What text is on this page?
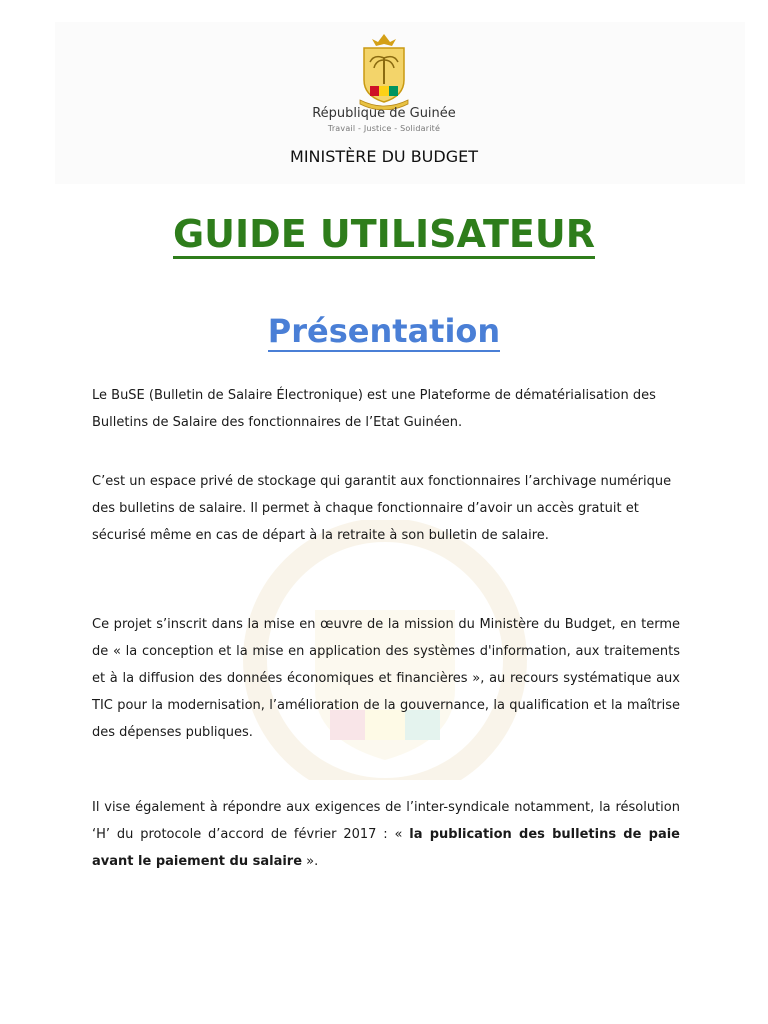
République de Guinée
Travail - Justice - Solidarité
MINISTÈRE DU BUDGET
GUIDE UTILISATEUR
Présentation
Le BuSE (Bulletin de Salaire Électronique) est une Plateforme de dématérialisation des Bulletins de Salaire des fonctionnaires de l’Etat Guinéen.
C’est un espace privé de stockage qui garantit aux fonctionnaires l’archivage numérique des bulletins de salaire. Il permet à chaque fonctionnaire d’avoir un accès gratuit et sécurisé même en cas de départ à la retraite à son bulletin de salaire.
Ce projet s’inscrit dans la mise en œuvre de la mission du Ministère du Budget, en terme de « la conception et la mise en application des systèmes d'information, aux traitements et à la diffusion des données économiques et financières », au recours systématique aux TIC pour la modernisation, l’amélioration de la gouvernance, la qualification et la maîtrise des dépenses publiques.
Il vise également à répondre aux exigences de l’inter-syndicale notamment, la résolution ‘H’ du protocole d’accord de février 2017 : « la publication des bulletins de paie avant le paiement du salaire ».
